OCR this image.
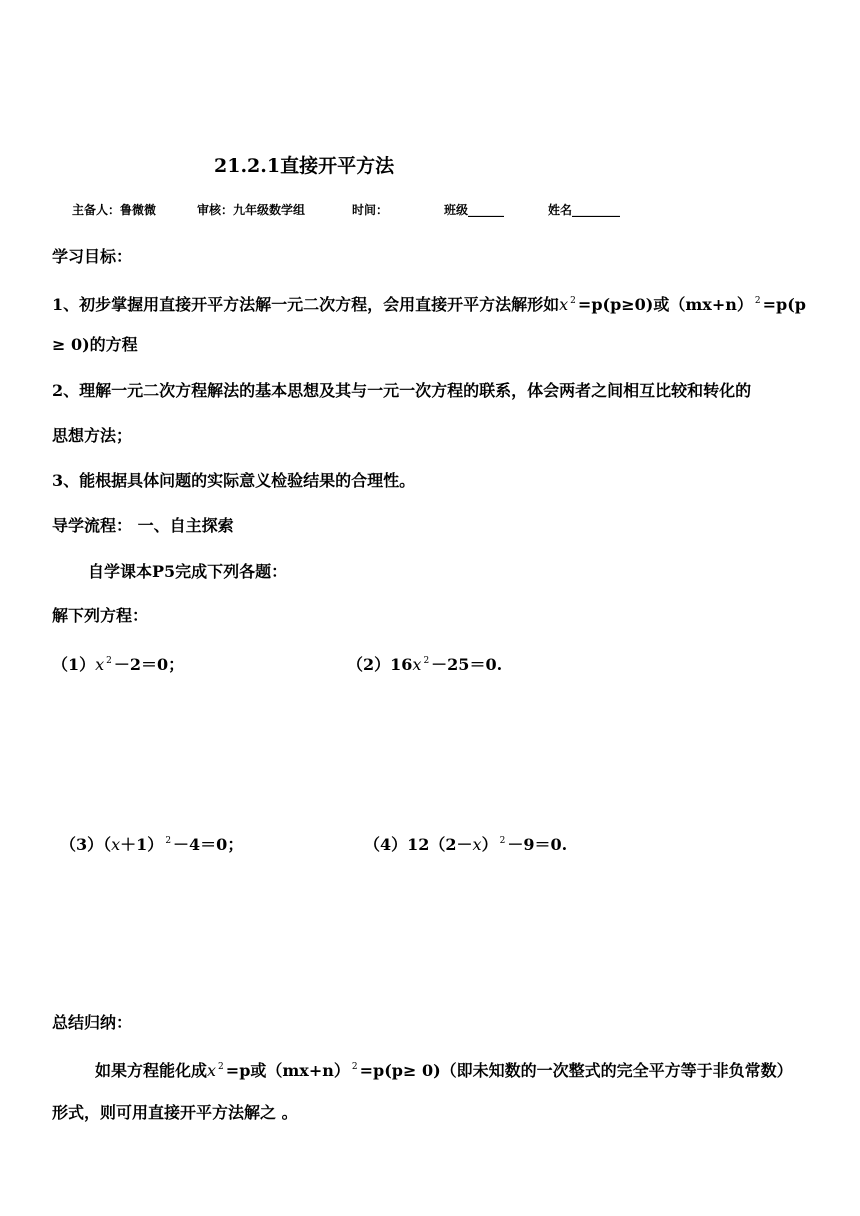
21.2.1直接开平方法
主备人：鲁微微	审核：九年级数学组	时间：	班级______	姓名________
学习目标：
1、初步掌握用直接开平方法解一元二次方程，会用直接开平方法解形如x $^2$ =p(p≥0)或（mx+n） $^2$ =p(p
≥ 0)的方程
2、理解一元二次方程解法的基本思想及其与一元一次方程的联系，体会两者之间相互比较和转化的
思想方法；
3、能根据具体问题的实际意义检验结果的合理性。
导学流程： 一、自主探索
自学课本P5完成下列各题：
解下列方程：
（1）x $^2$ －2＝0；	（2）16x $^2$ －25＝0.
（3）（x＋1） $^2$ －4＝0；	（4）12（2－x） $^2$ －9＝0.
总结归纳：
如果方程能化成x $^2$ =p或（mx+n） $^2$ =p(p≥ 0)（即未知数的一次整式的完全平方等于非负常数）
形式，则可用直接开平方法解之 。
